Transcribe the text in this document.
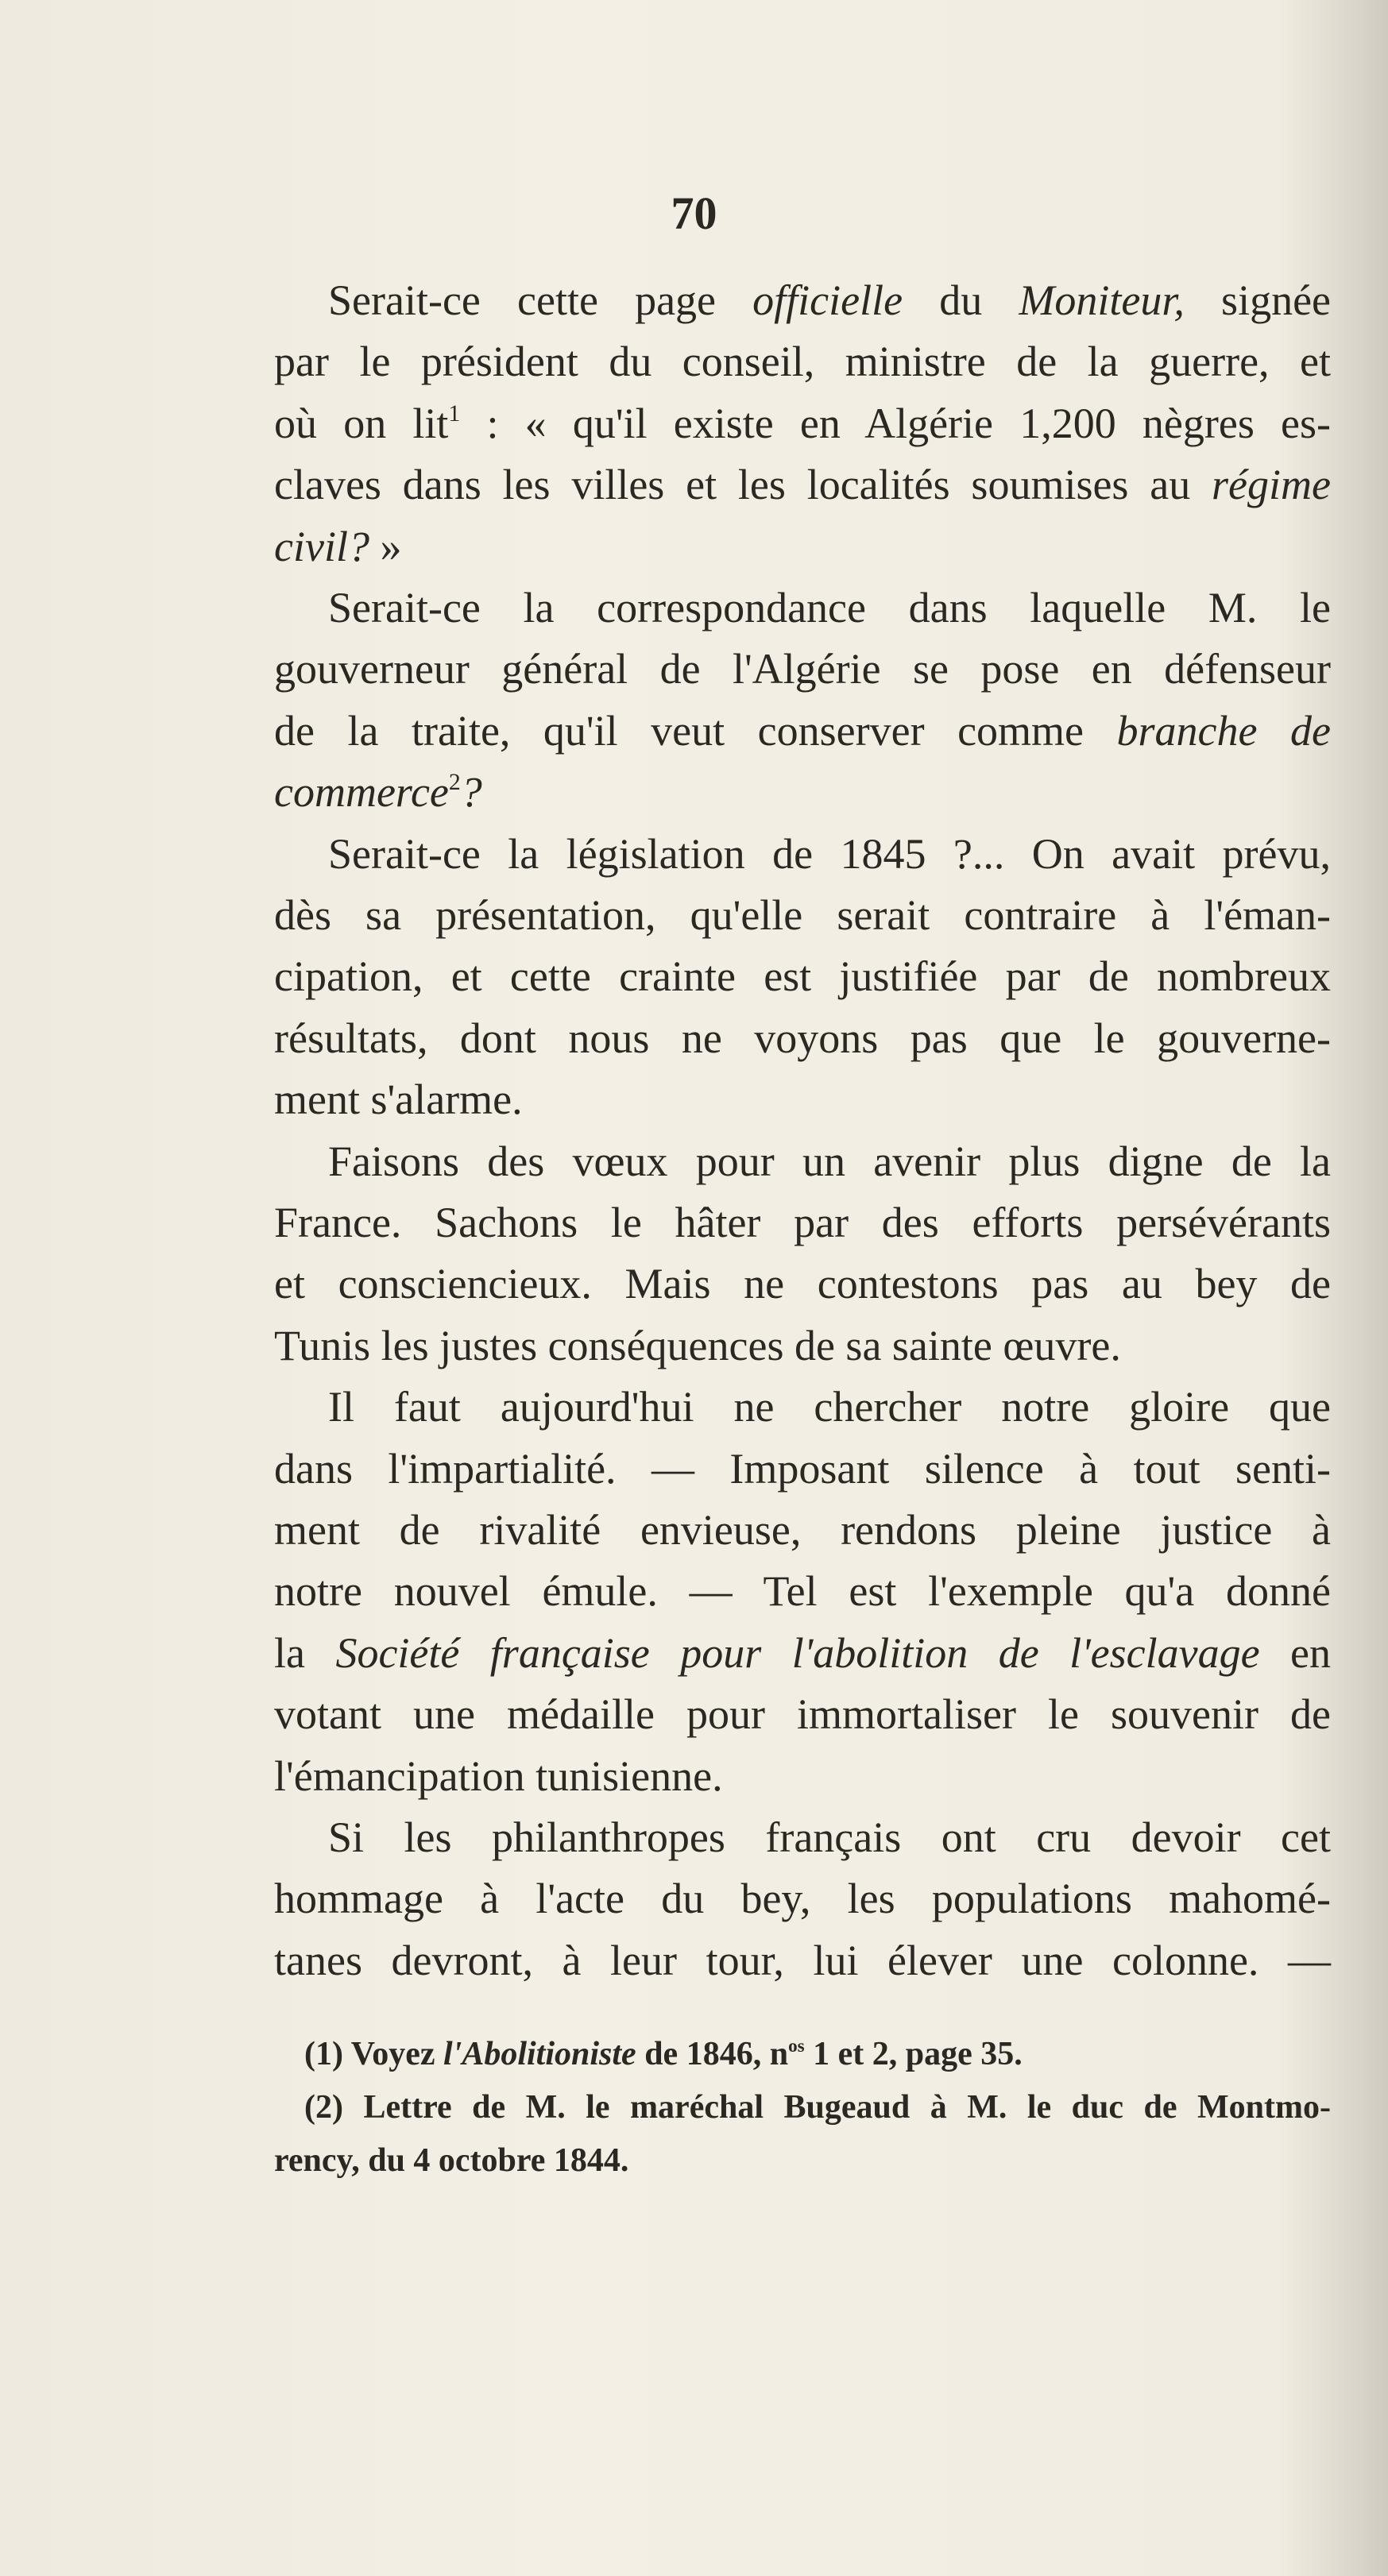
70
Serait-ce cette page officielle du Moniteur, signée
par le président du conseil, ministre de la guerre, et
où on lit$^1$ : « qu'il existe en Algérie 1,200 nègres es-
claves dans les villes et les localités soumises au régime
civil? »
Serait-ce la correspondance dans laquelle M. le
gouverneur général de l'Algérie se pose en défenseur
de la traite, qu'il veut conserver comme branche de
commerce$^2$?
Serait-ce la législation de 1845 ?... On avait prévu,
dès sa présentation, qu'elle serait contraire à l'éman-
cipation, et cette crainte est justifiée par de nombreux
résultats, dont nous ne voyons pas que le gouverne-
ment s'alarme.
Faisons des vœux pour un avenir plus digne de la
France. Sachons le hâter par des efforts persévérants
et consciencieux. Mais ne contestons pas au bey de
Tunis les justes conséquences de sa sainte œuvre.
Il faut aujourd'hui ne chercher notre gloire que
dans l'impartialité. — Imposant silence à tout senti-
ment de rivalité envieuse, rendons pleine justice à
notre nouvel émule. — Tel est l'exemple qu'a donné
la Société française pour l'abolition de l'esclavage en
votant une médaille pour immortaliser le souvenir de
l'émancipation tunisienne.
Si les philanthropes français ont cru devoir cet
hommage à l'acte du bey, les populations mahomé-
tanes devront, à leur tour, lui élever une colonne. —
(1) Voyez l'Abolitioniste de 1846, $n^{os}$ 1 et 2, page 35.
(2) Lettre de M. le maréchal Bugeaud à M. le duc de Montmo-
rency, du 4 octobre 1844.
